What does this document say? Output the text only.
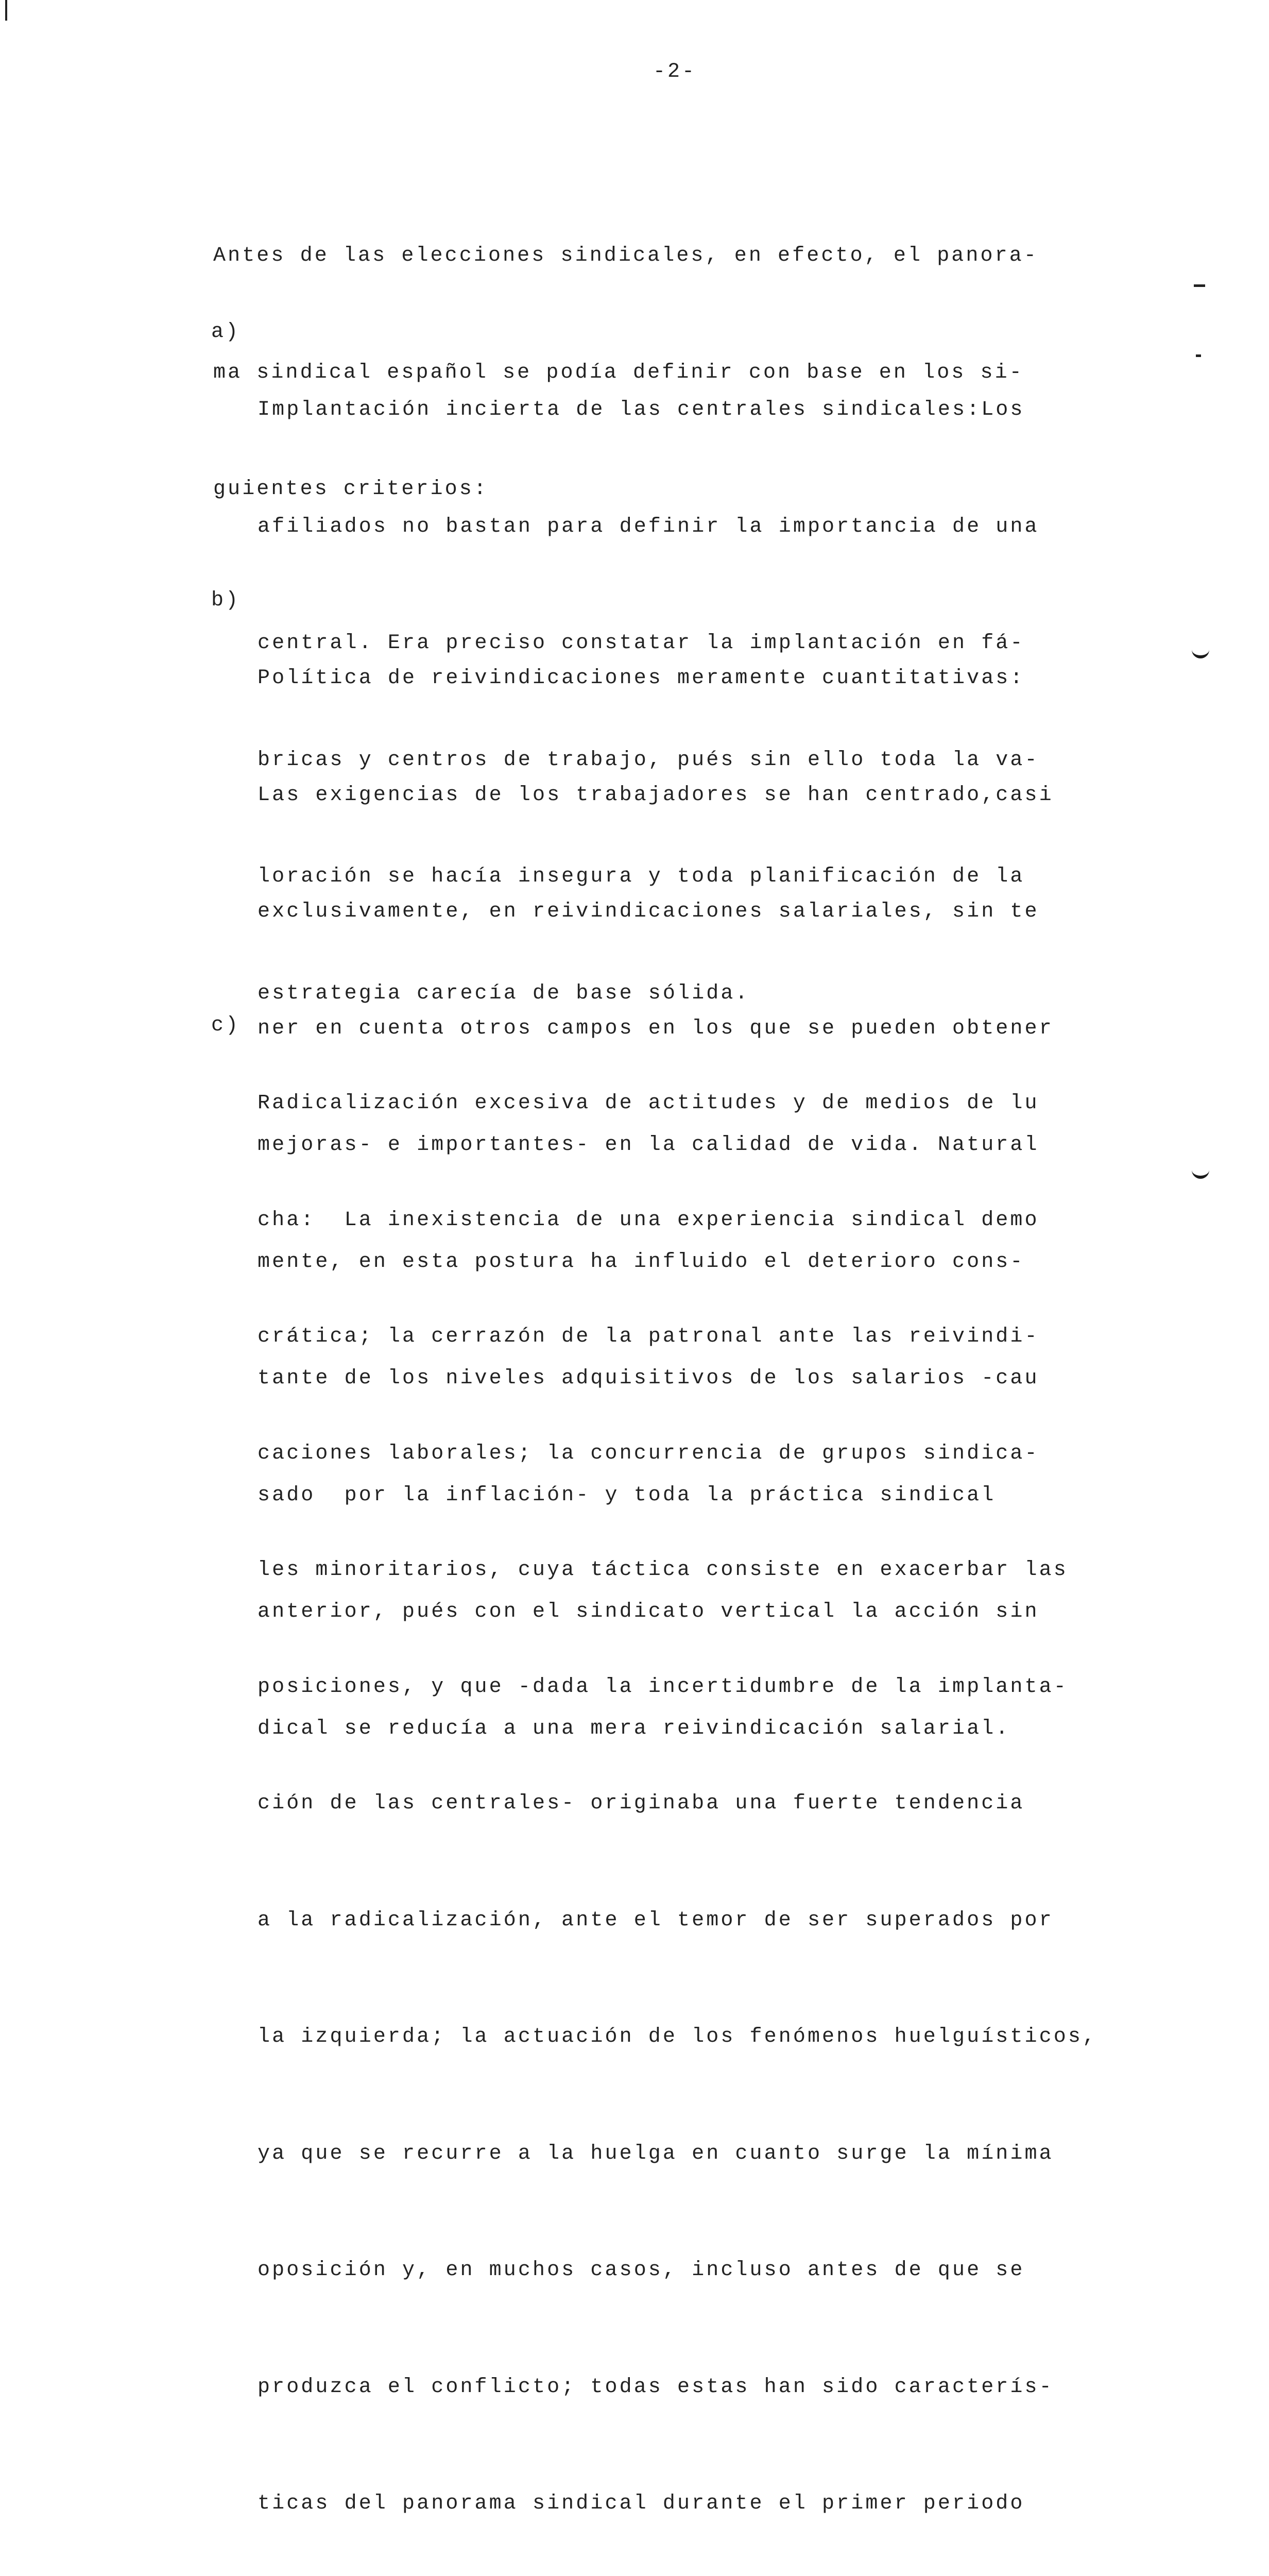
-2-

Antes de las elecciones sindicales, en efecto, el panora-

ma sindical español se podía definir con base en los si-

guientes criterios:

a)

Implantación incierta de las centrales sindicales:Los

afiliados no bastan para definir la importancia de una

central. Era preciso constatar la implantación en fá-

bricas y centros de trabajo, pués sin ello toda la va-

loración se hacía insegura y toda planificación de la

estrategia carecía de base sólida.

b)

Política de reivindicaciones meramente cuantitativas:

Las exigencias de los trabajadores se han centrado,casi

exclusivamente, en reivindicaciones salariales, sin te

ner en cuenta otros campos en los que se pueden obtener

mejoras- e importantes- en la calidad de vida. Natural

mente, en esta postura ha influido el deterioro cons-

tante de los niveles adquisitivos de los salarios -cau

sado  por la inflación- y toda la práctica sindical

anterior, pués con el sindicato vertical la acción sin

dical se reducía a una mera reivindicación salarial.

c)

Radicalización excesiva de actitudes y de medios de lu

cha:  La inexistencia de una experiencia sindical demo

crática; la cerrazón de la patronal ante las reivindi-

caciones laborales; la concurrencia de grupos sindica-

les minoritarios, cuya táctica consiste en exacerbar las

posiciones, y que -dada la incertidumbre de la implanta-

ción de las centrales- originaba una fuerte tendencia

a la radicalización, ante el temor de ser superados por

la izquierda; la actuación de los fenómenos huelguísticos,

ya que se recurre a la huelga en cuanto surge la mínima

oposición y, en muchos casos, incluso antes de que se

produzca el conflicto; todas estas han sido caracterís-

ticas del panorama sindical durante el primer periodo
